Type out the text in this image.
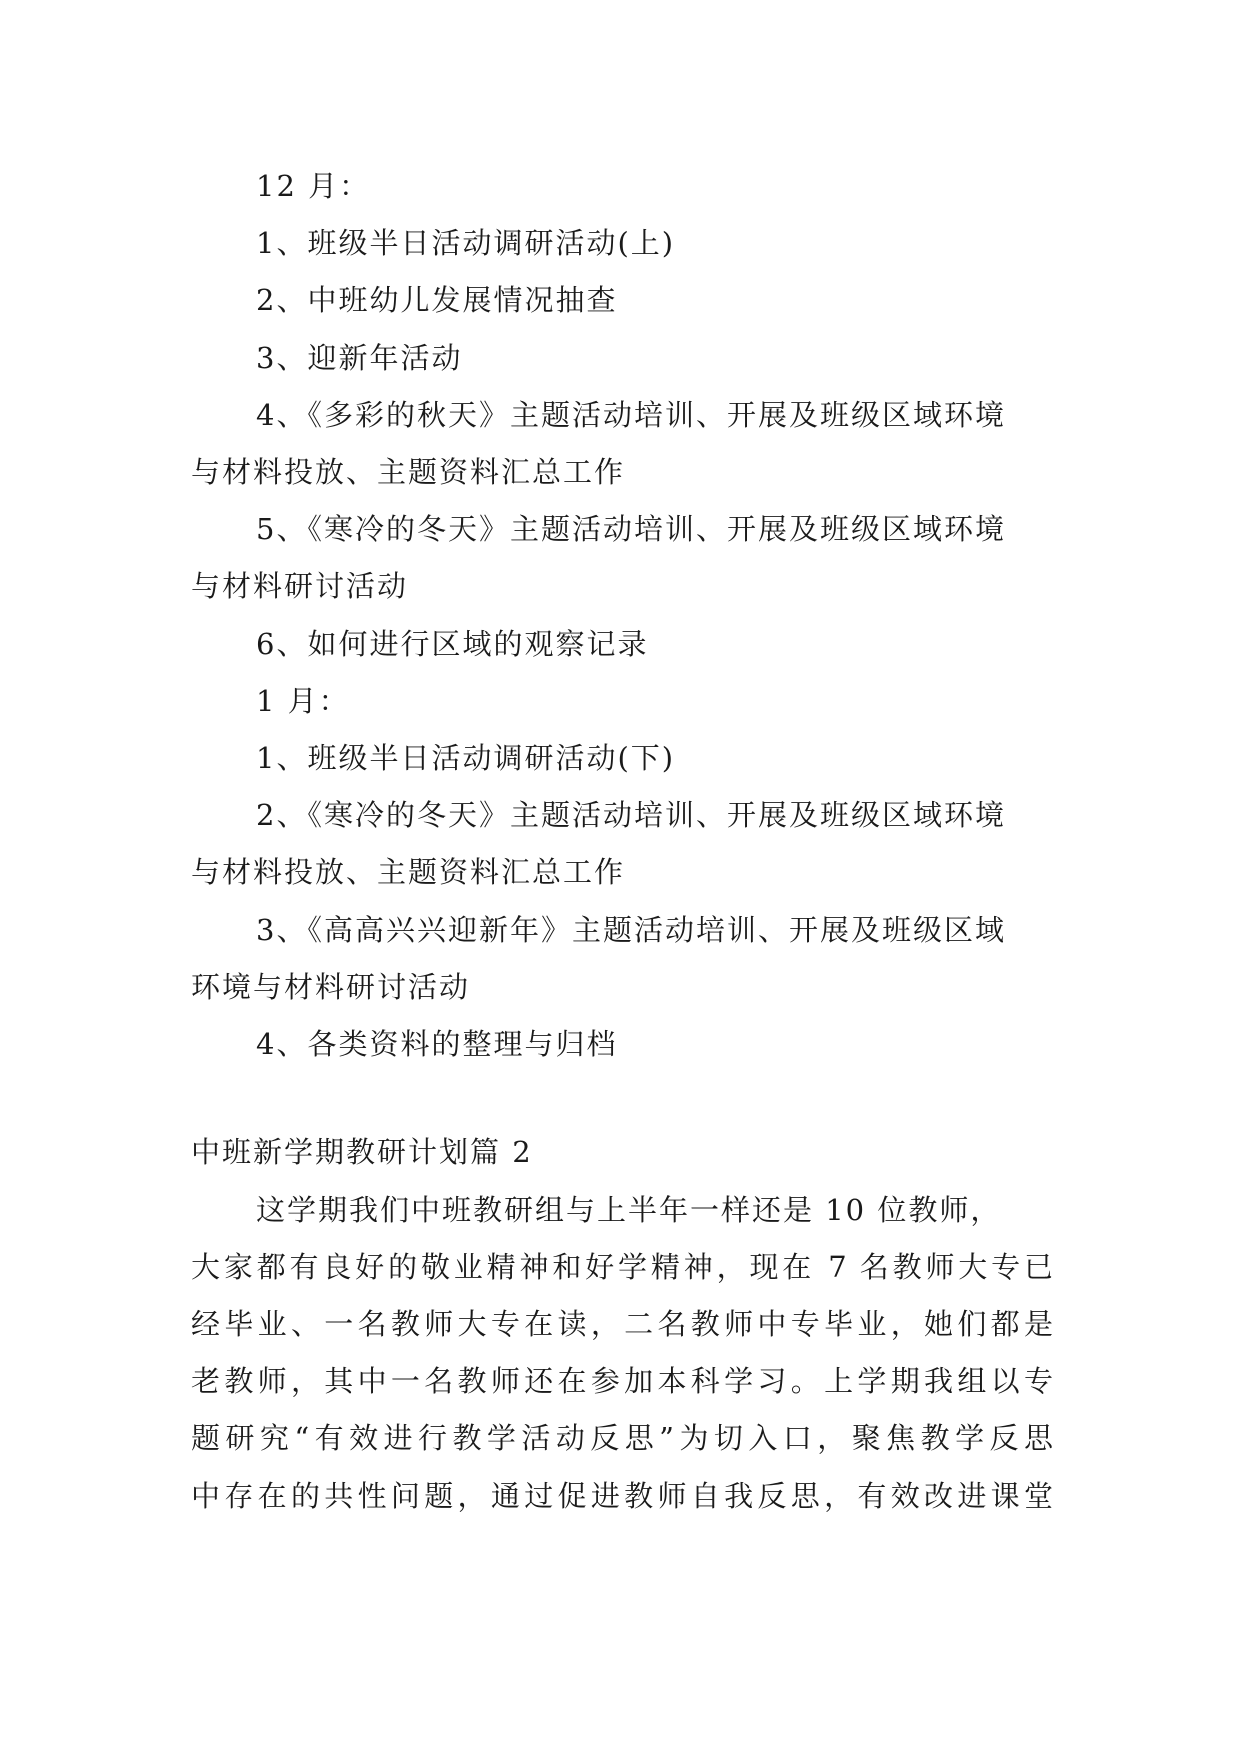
12 月：
1、班级半日活动调研活动(上)
2、中班幼儿发展情况抽查
3、迎新年活动
4、《多彩的秋天》主题活动培训、开展及班级区域环境
与材料投放、主题资料汇总工作
5、《寒冷的冬天》主题活动培训、开展及班级区域环境
与材料研讨活动
6、如何进行区域的观察记录
1 月：
1、班级半日活动调研活动(下)
2、《寒冷的冬天》主题活动培训、开展及班级区域环境
与材料投放、主题资料汇总工作
3、《高高兴兴迎新年》主题活动培训、开展及班级区域
环境与材料研讨活动
4、各类资料的整理与归档
中班新学期教研计划篇 2
这学期我们中班教研组与上半年一样还是 10 位教师，
大家都有良好的敬业精神和好学精神，现在 7 名教师大专已
经毕业、一名教师大专在读，二名教师中专毕业，她们都是
老教师，其中一名教师还在参加本科学习。上学期我组以专
题研究“有效进行教学活动反思”为切入口，聚焦教学反思
中存在的共性问题，通过促进教师自我反思，有效改进课堂
